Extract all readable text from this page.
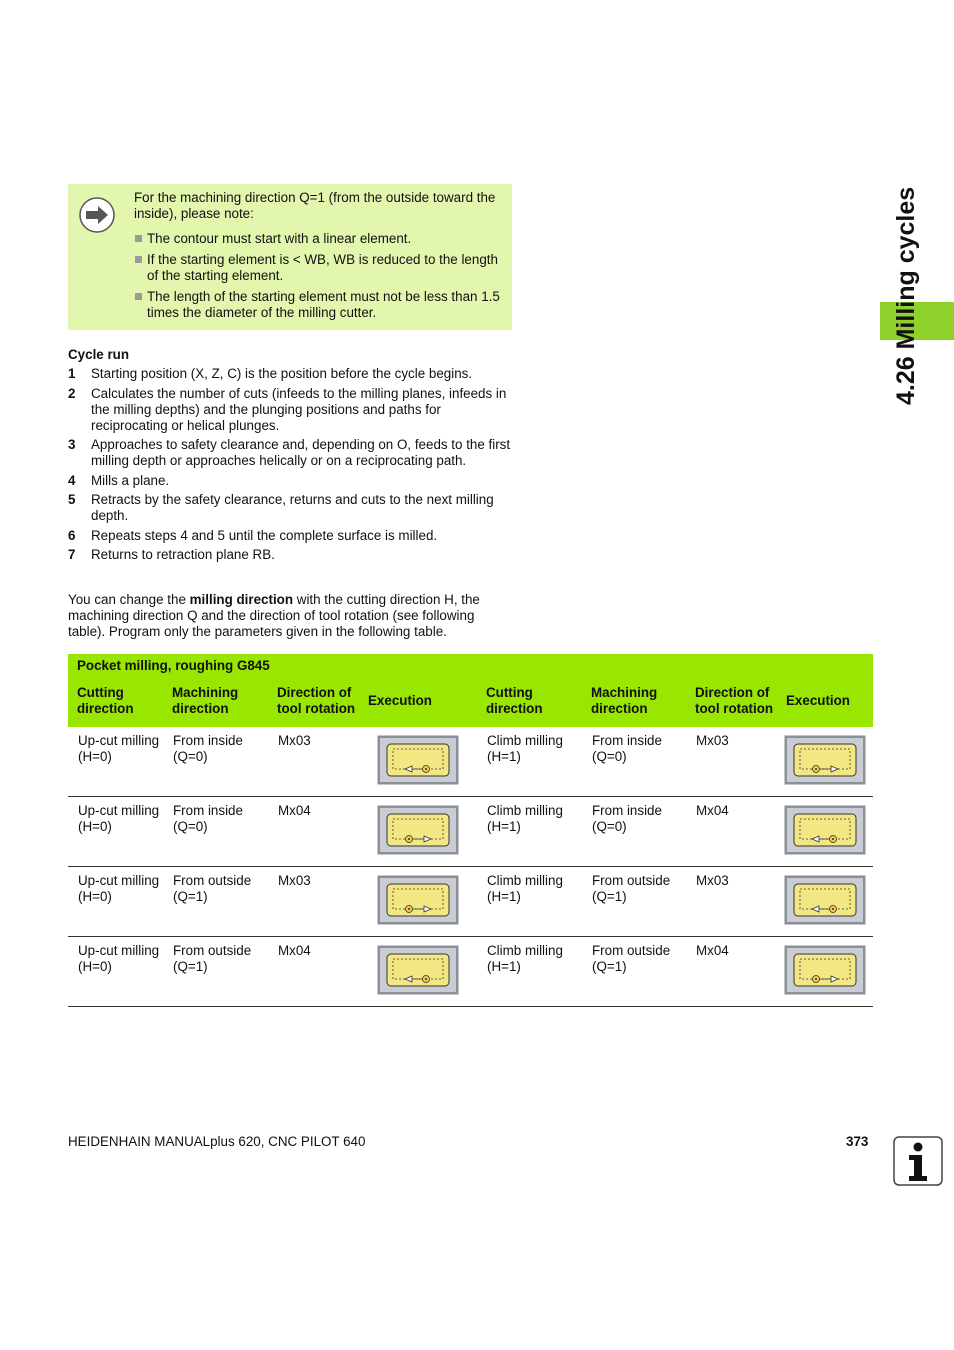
For the machining direction Q=1 (from the outside toward the inside), please note:

The contour must start with a linear element.
If the starting element is < WB, WB is reduced to the length of the starting element.
The length of the starting element must not be less than 1.5 times the diameter of the milling cutter.
Cycle run
1 Starting position (X, Z, C) is the position before the cycle begins.
2 Calculates the number of cuts (infeeds to the milling planes, infeeds in the milling depths) and the plunging positions and paths for reciprocating or helical plunges.
3 Approaches to safety clearance and, depending on O, feeds to the first milling depth or approaches helically or on a reciprocating path.
4 Mills a plane.
5 Retracts by the safety clearance, returns and cuts to the next milling depth.
6 Repeats steps 4 and 5 until the complete surface is milled.
7 Returns to retraction plane RB.
You can change the milling direction with the cutting direction H, the machining direction Q and the direction of tool rotation (see following table). Program only the parameters given in the following table.
Pocket milling, roughing G845							
Cutting direction	Machining direction	Direction of tool rotation	Execution	Cutting direction	Machining direction	Direction of tool rotation	Execution
Up-cut milling (H=0)	From inside (Q=0)	Mx03		Climb milling (H=1)	From inside (Q=0)	Mx03	

Up-cut milling (H=0)	From inside (Q=0)	Mx04		Climb milling (H=1)	From inside (Q=0)	Mx04	

Up-cut milling (H=0)	From outside (Q=1)	Mx03		Climb milling (H=1)	From outside (Q=1)	Mx03	

Up-cut milling (H=0)	From outside (Q=1)	Mx04		Climb milling (H=1)	From outside (Q=1)	Mx04	
4.26 Milling cycles
HEIDENHAIN MANUALplus 620, CNC PILOT 640	373
